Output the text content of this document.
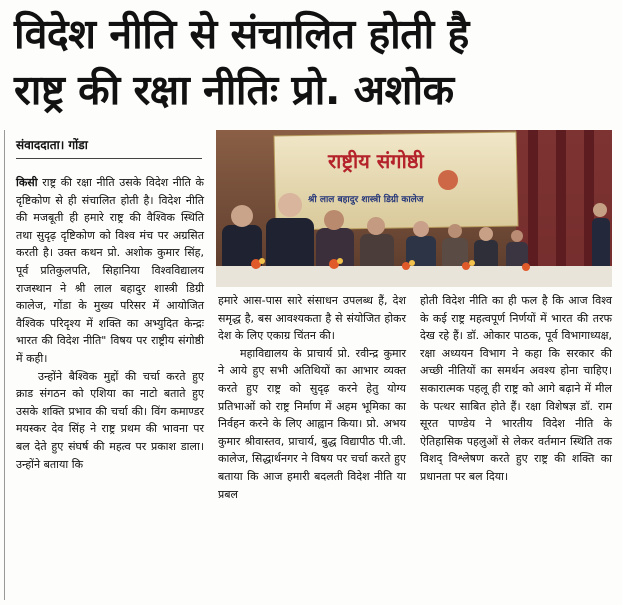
विदेश नीति से संचालित होती है
राष्ट्र की रक्षा नीतिः प्रो. अशोक
संवाददाता। गोंडा
राष्ट्रीय संगोष्ठी
श्री लाल बहादुर शास्त्री डिग्री कालेज

किसी राष्ट्र की रक्षा नीति उसके विदेश नीति के दृष्टिकोण से ही संचालित होती है। विदेश नीति की मजबूती ही हमारे राष्ट्र की वैश्विक स्थिति तथा सुदृढ़ दृष्टिकोण को विश्व मंच पर अग्रसित करती है। उक्त कथन प्रो. अशोक कुमार सिंह, पूर्व प्रतिकुलपति, सिहानिया विश्वविद्यालय राजस्थान ने श्री लाल बहादुर शास्त्री डिग्री कालेज, गोंडा के मुख्य परिसर में आयोजित वैश्विक परिदृश्य में शक्ति का अभ्युदित केन्द्रः भारत की विदेश नीति" विषय पर राष्ट्रीय संगोष्ठी में कही।

उन्होंने बैश्विक मुद्दों की चर्चा करते हुए क्राड संगठन को एशिया का नाटो बताते हुए उसके शक्ति प्रभाव की चर्चा की। विंग कमाण्डर मयस्कर देव सिंह ने राष्ट्र प्रथम की भावना पर बल देते हुए संघर्ष की महत्व पर प्रकाश डाला। उन्होंने बताया कि

हमारे आस-पास सारे संसाधन उपलब्ध हैं, देश समृद्ध है, बस आवश्यकता है से संयोजित होकर देश के लिए एकाग्र चिंतन की।

महाविद्यालय के प्राचार्य प्रो. रवीन्द्र कुमार ने आये हुए सभी अतिथियों का आभार व्यक्त करते हुए राष्ट्र को सुदृढ़ करने हेतु योग्य प्रतिभाओं को राष्ट्र निर्माण में अहम भूमिका का निर्वहन करने के लिए आह्वान किया। प्रो. अभय कुमार श्रीवास्तव, प्राचार्य, बुद्ध विद्यापीठ पी.जी. कालेज, सिद्धार्थनगर ने विषय पर चर्चा करते हुए बताया कि आज हमारी बदलती विदेश नीति या प्रबल

होती विदेश नीति का ही फल है कि आज विश्व के कई राष्ट्र महत्वपूर्ण निर्णयों में भारत की तरफ देख रहे हैं। डॉ. ओकार पाठक, पूर्व विभागाध्यक्ष, रक्षा अध्ययन विभाग ने कहा कि सरकार की अच्छी नीतियों का समर्थन अवश्य होना चाहिए। सकारात्मक पहलू ही राष्ट्र को आगे बढ़ाने में मील के पत्थर साबित होते हैं। रक्षा विशेषज्ञ डॉ. राम सूरत पाण्डेय ने भारतीय विदेश नीति के ऐतिहासिक पहलुओं से लेकर वर्तमान स्थिति तक विशद् विश्लेषण करते हुए राष्ट्र की शक्ति का प्रधानता पर बल दिया।
